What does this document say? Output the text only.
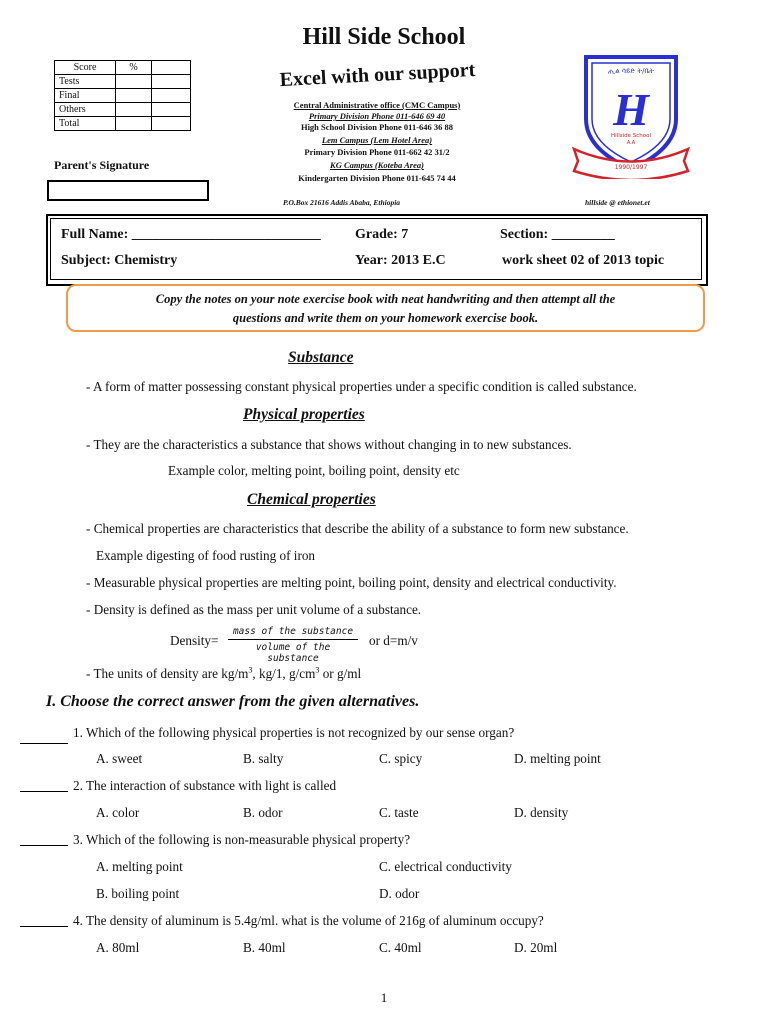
Hill Side School
Excel with our support
Central Administrative office (CMC Campus)
Primary Division Phone 011-646 69 40
High School Division Phone 011-646 36 88
Lem Campus (Lem Hotel Area)
Primary Division Phone 011-662 42 31/2
KG Campus (Koteba Area)
Kindergarten Division Phone 011-645 74 44
Score	%	
Tests		
Final		
Others		
Total		
Parent's Signature
P.O.Box 21616 Addis Ababa, Ethiopia	hillside @ ethionet.et
ሒል ሳይድ ት/ቤት
H
Hillside School
A.A
1990/1997
Full Name: ___________________________ Grade: 7	Section: _________
Subject: Chemistry	Year: 2013 E.C	work sheet 02 of 2013 topic
Copy the notes on your note exercise book with neat handwriting and then attempt all the
questions and write them on your homework exercise book.
Substance
- A form of matter possessing constant physical properties under a specific condition is called substance.
Physical properties
- They are the characteristics a substance that shows without changing in to new substances.
Example color, melting point, boiling point, density etc
Chemical properties
- Chemical properties are characteristics that describe the ability of a substance to form new substance.
Example digesting of food rusting of iron
- Measurable physical properties are melting point, boiling point, density and electrical conductivity.
- Density is defined as the mass per unit volume of a substance.
Density=
mass of the substance
volume of the substance
or d=m/v
- The units of density are $kg/m^3$, kg/1, $g/cm^3$ or g/ml
I. Choose the correct answer from the given alternatives.
1. Which of the following physical properties is not recognized by our sense organ?
A. sweet	B. salty	C. spicy	D. melting point
2. The interaction of substance with light is called
A. color	B. odor	C. taste	D. density
3. Which of the following is non-measurable physical property?
A. melting point	C. electrical conductivity
B. boiling point	D. odor
4. The density of aluminum is 5.4g/ml. what is the volume of 216g of aluminum occupy?
A. 80ml	B. 40ml	C. 40ml	D. 20ml
1
